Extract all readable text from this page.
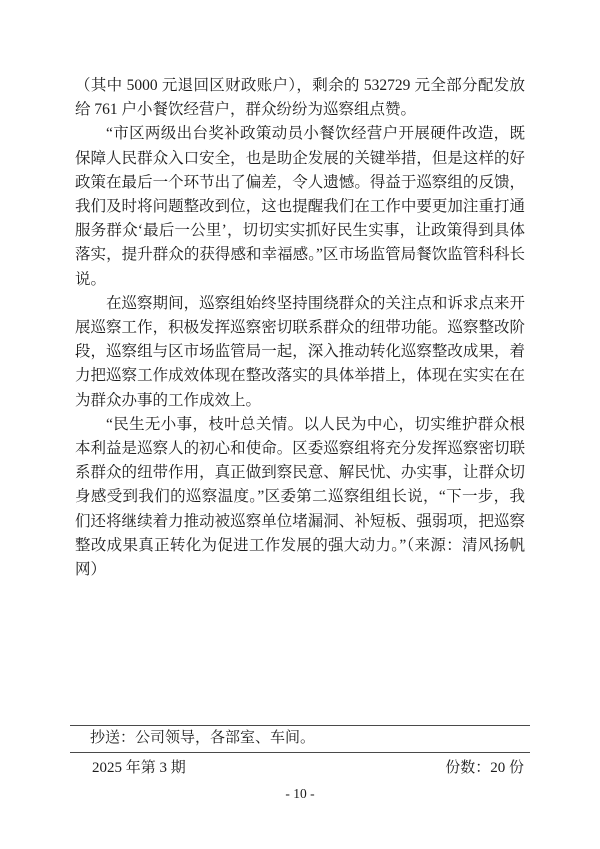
（其中 5000 元退回区财政账户），剩余的 532729 元全部分配发放给 761 户小餐饮经营户，群众纷纷为巡察组点赞。

“市区两级出台奖补政策动员小餐饮经营户开展硬件改造，既保障人民群众入口安全，也是助企发展的关键举措，但是这样的好政策在最后一个环节出了偏差，令人遗憾。得益于巡察组的反馈，我们及时将问题整改到位，这也提醒我们在工作中要更加注重打通服务群众‘最后一公里’，切切实实抓好民生实事，让政策得到具体落实，提升群众的获得感和幸福感。”区市场监管局餐饮监管科科长说。

在巡察期间，巡察组始终坚持围绕群众的关注点和诉求点来开展巡察工作，积极发挥巡察密切联系群众的纽带功能。巡察整改阶段，巡察组与区市场监管局一起，深入推动转化巡察整改成果，着力把巡察工作成效体现在整改落实的具体举措上，体现在实实在在为群众办事的工作成效上。

“民生无小事，枝叶总关情。以人民为中心，切实维护群众根本利益是巡察人的初心和使命。区委巡察组将充分发挥巡察密切联系群众的纽带作用，真正做到察民意、解民忧、办实事，让群众切身感受到我们的巡察温度。”区委第二巡察组组长说，“下一步，我们还将继续着力推动被巡察单位堵漏洞、补短板、强弱项，把巡察整改成果真正转化为促进工作发展的强大动力。”（来源：清风扬帆网）

抄送：公司领导，各部室、车间。
2025 年第 3 期	份数：20 份
- 10 -
